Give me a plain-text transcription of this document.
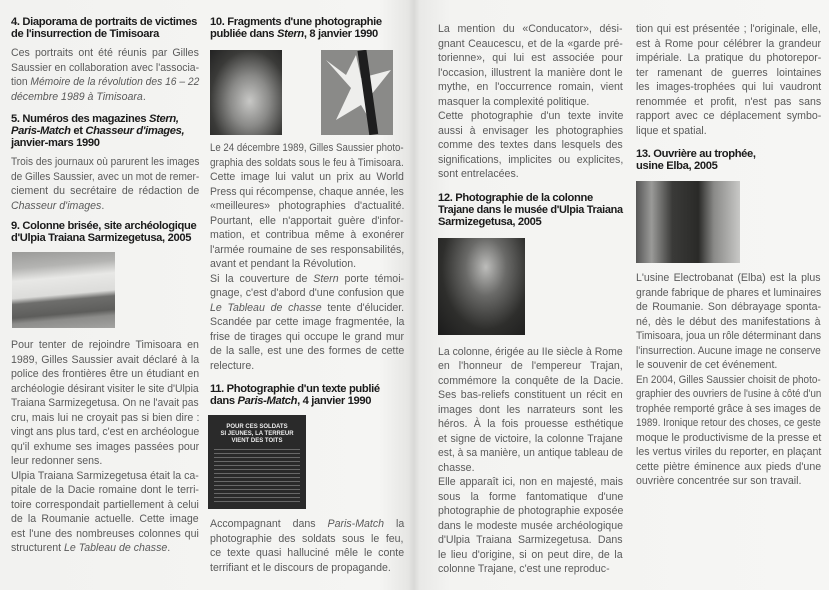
4. Diaporama de portraits de victimes
de l'insurrection de Timisoara
Ces portraits ont été réunis par Gilles
Saussier en collaboration avec l'associa-
tion Mémoire de la révolution des 16 – 22
décembre 1989 à Timisoara.
5. Numéros des magazines Stern,
Paris-Match et Chasseur d'images,
janvier-mars 1990
Trois des journaux où parurent les images
de Gilles Saussier, avec un mot de remer-
ciement du secrétaire de rédaction de
Chasseur d'images.
9. Colonne brisée, site archéologique
d'Ulpia Traiana Sarmizegetusa, 2005
Pour tenter de rejoindre Timisoara en
1989, Gilles Saussier avait déclaré à la
police des frontières être un étudiant en
archéologie désirant visiter le site d'Ulpia
Traiana Sarmizegetusa. On ne l'avait pas
cru, mais lui ne croyait pas si bien dire :
vingt ans plus tard, c'est en archéologue
qu'il exhume ses images passées pour
leur redonner sens.
Ulpia Traiana Sarmizegetusa était la ca-
pitale de la Dacie romaine dont le terri-
toire correspondait partiellement à celui
de la Roumanie actuelle. Cette image
est l'une des nombreuses colonnes qui
structurent Le Tableau de chasse.
10. Fragments d'une photographie
publiée dans Stern, 8 janvier 1990
Le 24 décembre 1989, Gilles Saussier photo-
graphia des soldats sous le feu à Timisoara.
Cette image lui valut un prix au World
Press qui récompense, chaque année, les
«meilleures» photographies d'actualité.
Pourtant, elle n'apportait guère d'infor-
mation, et contribua même à exonérer
l'armée roumaine de ses responsabilités,
avant et pendant la Révolution.
Si la couverture de Stern porte témoi-
gnage, c'est d'abord d'une confusion que
Le Tableau de chasse tente d'élucider.
Scandée par cette image fragmentée, la
frise de tirages qui occupe le grand mur
de la salle, est une des formes de cette
relecture.
11. Photographie d'un texte publié
dans Paris-Match, 4 janvier 1990
POUR CES SOLDATS
SI JEUNES, LA TERREUR
VIENT DES TOITS
Accompagnant dans Paris-Match la
photographie des soldats sous le feu,
ce texte quasi halluciné mêle le conte
terrifiant et le discours de propagande.
La mention du «Conducator», dési-
gnant Ceaucescu, et de la «garde pré-
torienne», qui lui est associée pour
l'occasion, illustrent la manière dont le
mythe, en l'occurrence romain, vient
masquer la complexité politique.
Cette photographie d'un texte invite
aussi à envisager les photographies
comme des textes dans lesquels des
significations, implicites ou explicites,
sont entrelacées.
12. Photographie de la colonne
Trajane dans le musée d'Ulpia Traiana
Sarmizegetusa, 2005
La colonne, érigée au IIe siècle à Rome
en l'honneur de l'empereur Trajan,
commémore la conquête de la Dacie.
Ses bas-reliefs constituent un récit en
images dont les narrateurs sont les
héros. À la fois prouesse esthétique
et signe de victoire, la colonne Trajane
est, à sa manière, un antique tableau de
chasse.
Elle apparaît ici, non en majesté, mais
sous la forme fantomatique d'une
photographie de photographie exposée
dans le modeste musée archéologique
d'Ulpia Traiana Sarmizegetusa. Dans
le lieu d'origine, si on peut dire, de la
colonne Trajane, c'est une reproduc-
tion qui est présentée ; l'originale, elle,
est à Rome pour célébrer la grandeur
impériale. La pratique du photorepor-
ter ramenant de guerres lointaines
les images-trophées qui lui vaudront
renommée et profit, n'est pas sans
rapport avec ce déplacement symbo-
lique et spatial.
13. Ouvrière au trophée,
usine Elba, 2005
L'usine Electrobanat (Elba) est la plus
grande fabrique de phares et luminaires
de Roumanie. Son débrayage sponta-
né, dès le début des manifestations à
Timisoara, joua un rôle déterminant dans
l'insurrection. Aucune image ne conserve
le souvenir de cet événement.
En 2004, Gilles Saussier choisit de photo-
graphier des ouvriers de l'usine à côté d'un
trophée remporté grâce à ses images de
1989. Ironique retour des choses, ce geste
moque le productivisme de la presse et
les vertus viriles du reporter, en plaçant
cette piètre éminence aux pieds d'une
ouvrière concentrée sur son travail.
